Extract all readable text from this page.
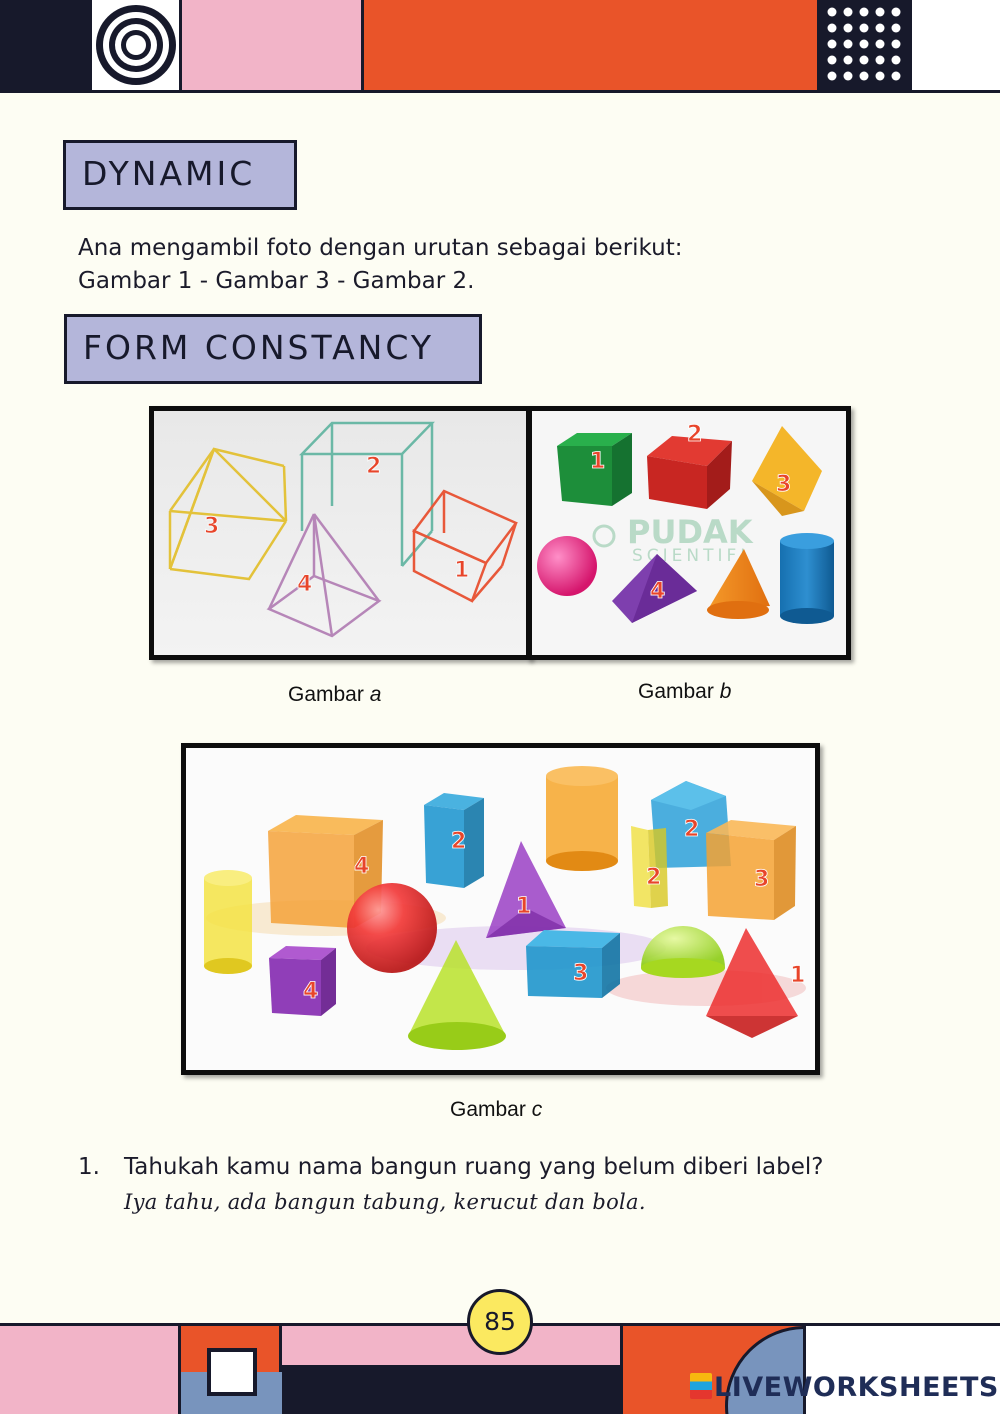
DYNAMIC
Ana mengambil foto dengan urutan sebagai berikut:
Gambar 1 - Gambar 3 - Gambar 2.
FORM CONSTANCY
3
2
4
1
PUDAK
SCIENTIFI
1
2
3
4
Gambar a	Gambar b
4
2	2
2	3
1
4
3	1
Gambar c
1. Tahukah kamu nama bangun ruang yang belum diberi label?
Iya tahu, ada bangun tabung, kerucut dan bola.
85
LIVEWORKSHEETS
